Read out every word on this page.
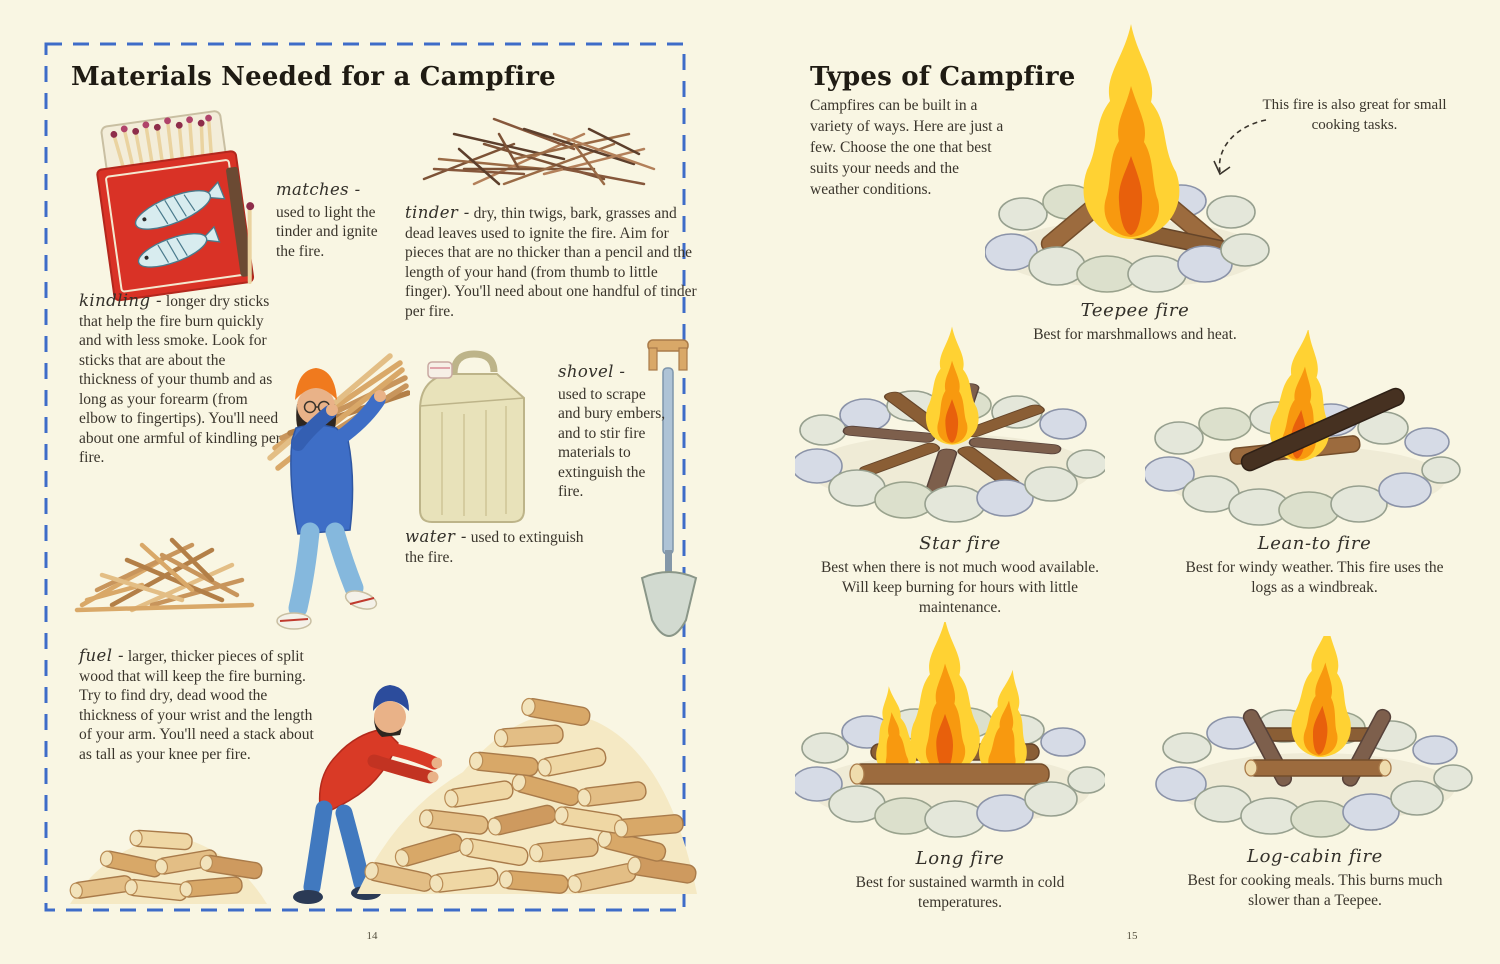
Materials Needed for a Campfire
matches -
used to light the tinder and ignite the fire.
tinder - dry, thin twigs, bark, grasses and dead leaves used to ignite the fire. Aim for pieces that are no thicker than a pencil and the length of your hand (from thumb to little finger). You'll need about one handful of tinder per fire.
kindling - longer dry sticks that help the fire burn quickly and with less smoke. Look for sticks that are about the thickness of your thumb and as long as your forearm (from elbow to fingertips). You'll need about one armful of kindling per fire.
shovel -
used to scrape and bury embers, and to stir fire materials to extinguish the fire.
water - used to extinguish the fire.
fuel - larger, thicker pieces of split wood that will keep the fire burning. Try to find dry, dead wood the thickness of your wrist and the length of your arm. You'll need a stack about as tall as your knee per fire.
14
Types of Campfire

Campfires can be built in a variety of ways. Here are just a few. Choose the one that best suits your needs and the weather conditions.

This fire is also great for small cooking tasks.
Teepee fire
Best for marshmallows and heat.
Star fire
Best when there is not much wood available. Will keep burning for hours with little maintenance.
Lean-to fire
Best for windy weather. This fire uses the logs as a windbreak.
Long fire
Best for sustained warmth in cold temperatures.
Log-cabin fire
Best for cooking meals. This burns much slower than a Teepee.
15
